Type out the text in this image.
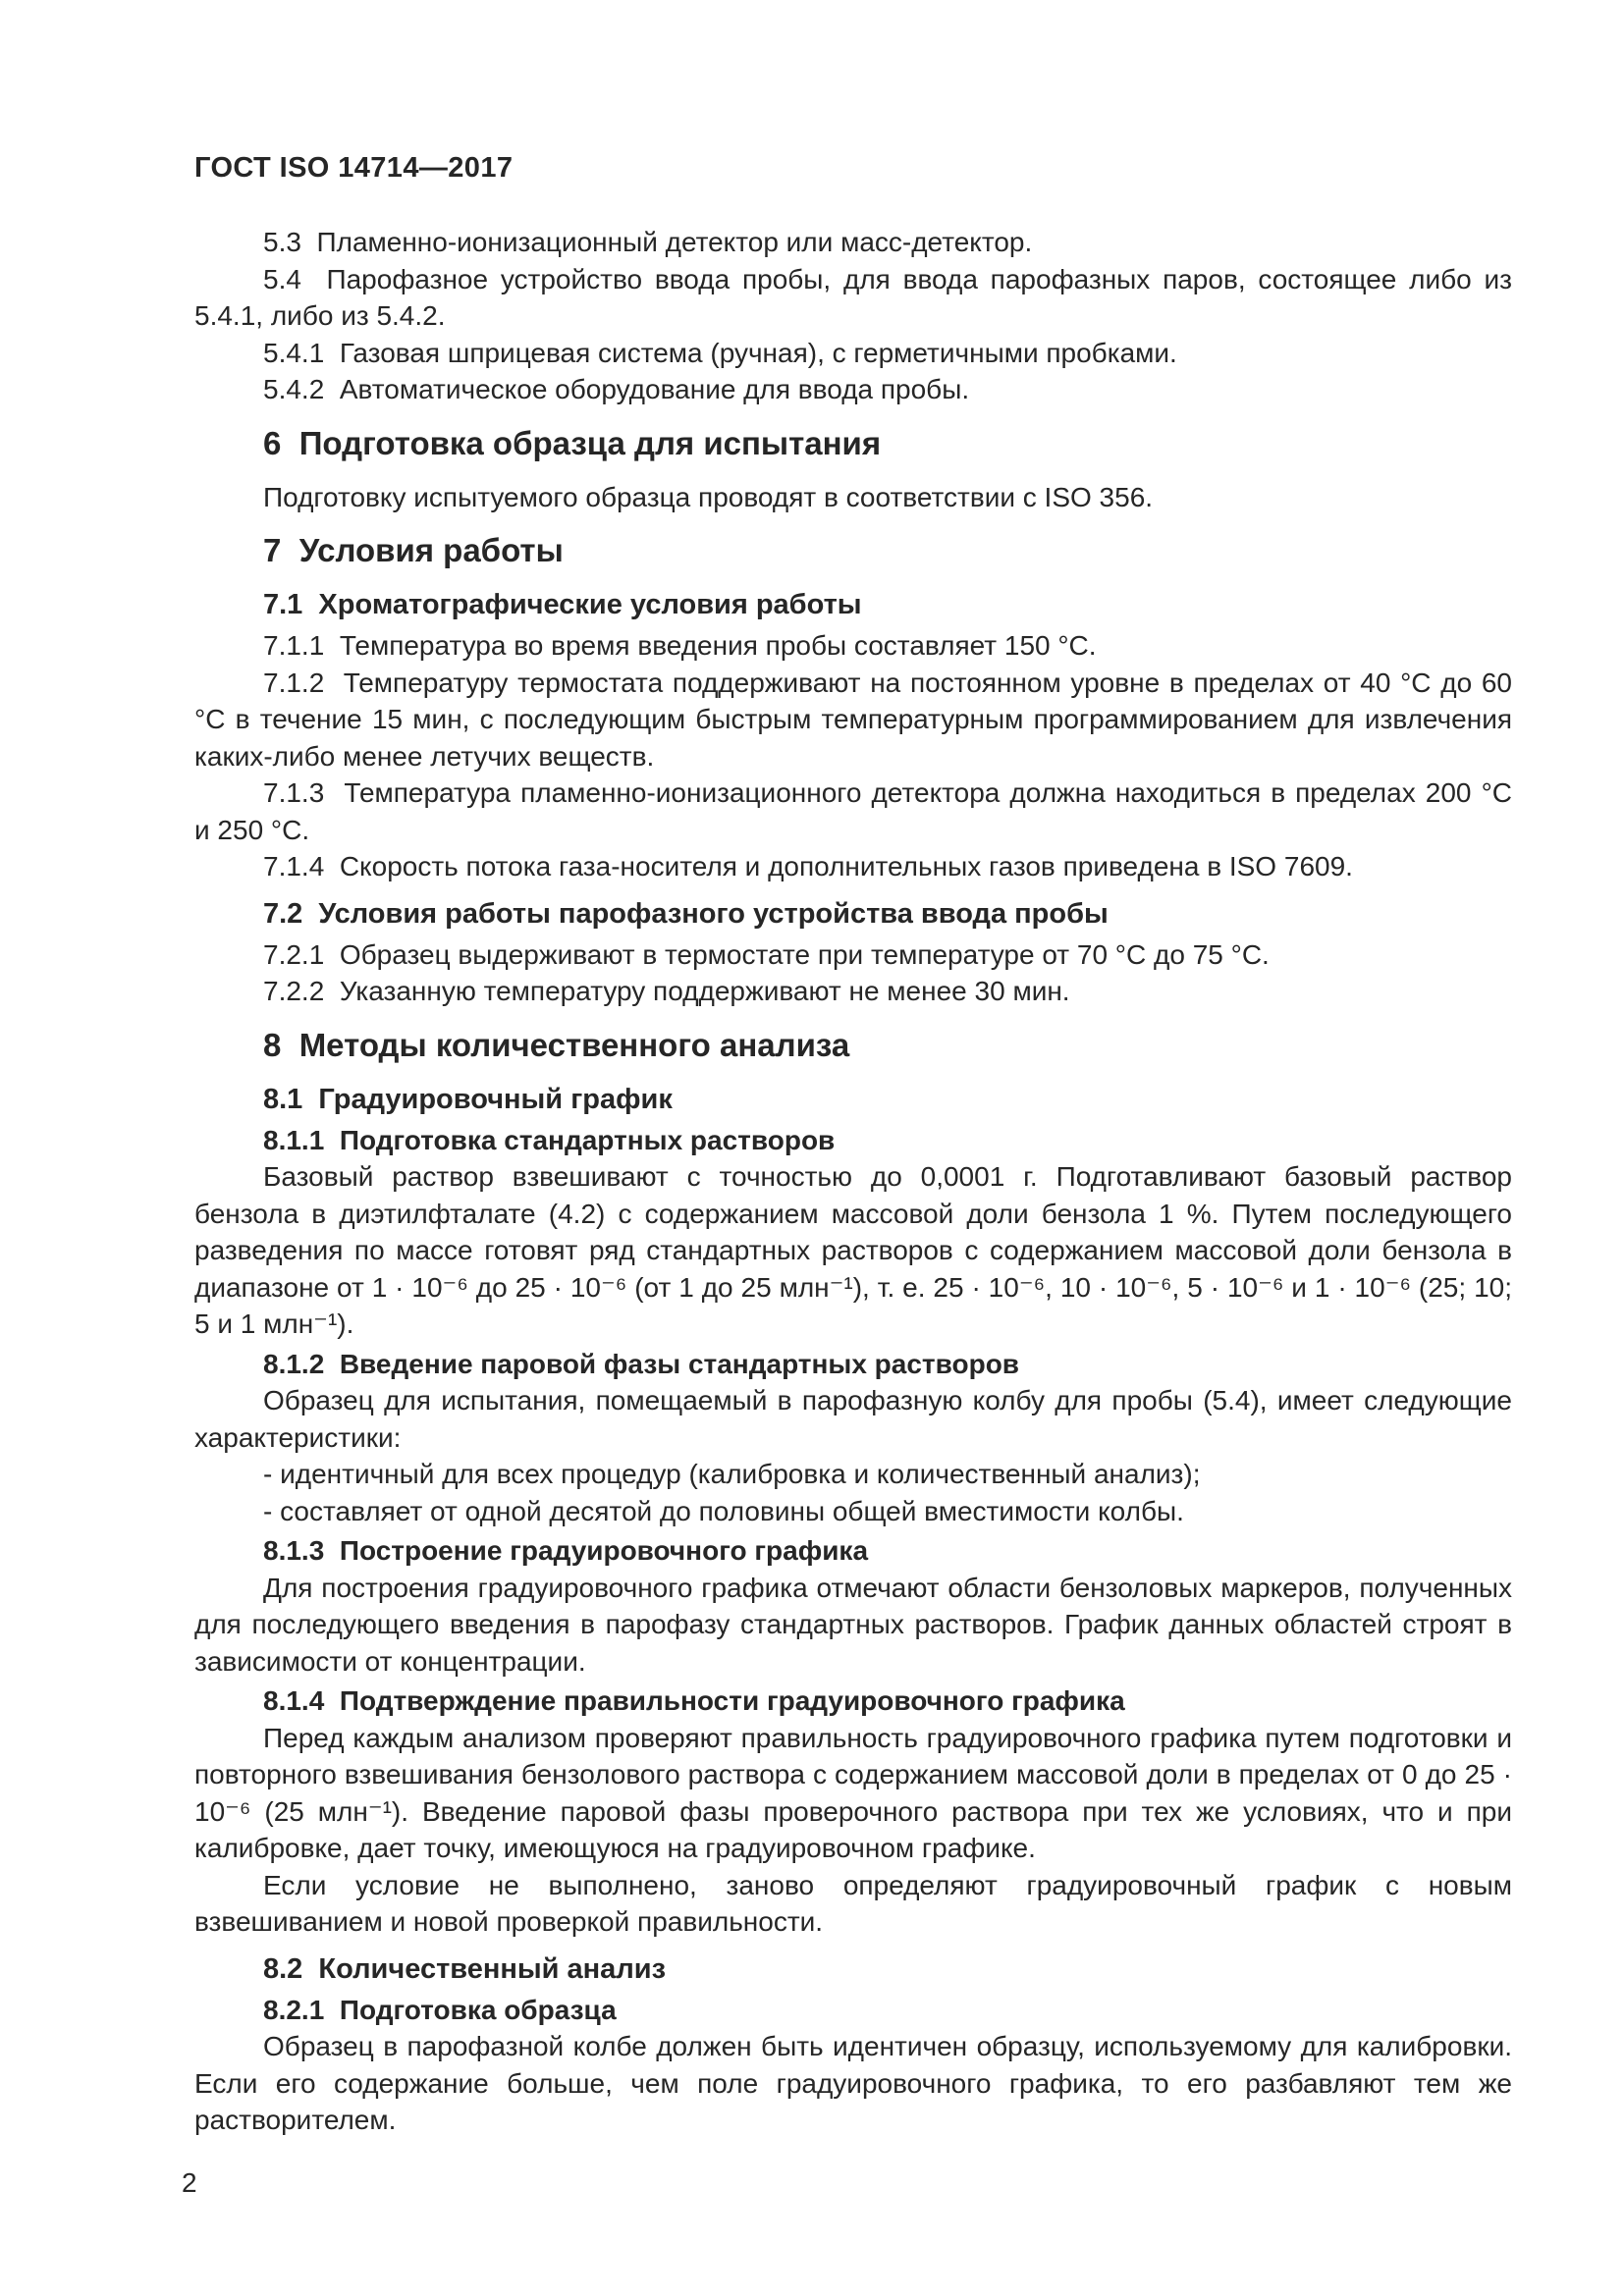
ГОСТ ISO 14714—2017
5.3  Пламенно-ионизационный детектор или масс-детектор.
5.4  Парофазное устройство ввода пробы, для ввода парофазных паров, состоящее либо из 5.4.1, либо из 5.4.2.
5.4.1  Газовая шприцевая система (ручная), с герметичными пробками.
5.4.2  Автоматическое оборудование для ввода пробы.
6  Подготовка образца для испытания
Подготовку испытуемого образца проводят в соответствии с ISO 356.
7  Условия работы
7.1  Хроматографические условия работы
7.1.1  Температура во время введения пробы составляет 150 °С.
7.1.2  Температуру термостата поддерживают на постоянном уровне в пределах от 40 °С до 60 °С в течение 15 мин, с последующим быстрым температурным программированием для извлечения каких-либо менее летучих веществ.
7.1.3  Температура пламенно-ионизационного детектора должна находиться в пределах 200 °С и 250 °С.
7.1.4  Скорость потока газа-носителя и дополнительных газов приведена в ISO 7609.
7.2  Условия работы парофазного устройства ввода пробы
7.2.1  Образец выдерживают в термостате при температуре от 70 °С до 75 °С.
7.2.2  Указанную температуру поддерживают не менее 30 мин.
8  Методы количественного анализа
8.1  Градуировочный график
8.1.1  Подготовка стандартных растворов
Базовый раствор взвешивают с точностью до 0,0001 г. Подготавливают базовый раствор бензола в диэтилфталате (4.2) с содержанием массовой доли бензола 1 %. Путем последующего разведения по массе готовят ряд стандартных растворов с содержанием массовой доли бензола в диапазоне от 1 · 10⁻⁶ до 25 · 10⁻⁶ (от 1 до 25 млн⁻¹), т. е. 25 · 10⁻⁶, 10 · 10⁻⁶, 5 · 10⁻⁶ и 1 · 10⁻⁶ (25; 10; 5 и 1 млн⁻¹).
8.1.2  Введение паровой фазы стандартных растворов
Образец для испытания, помещаемый в парофазную колбу для пробы (5.4), имеет следующие характеристики:
- идентичный для всех процедур (калибровка и количественный анализ);
- составляет от одной десятой до половины общей вместимости колбы.
8.1.3  Построение градуировочного графика
Для построения градуировочного графика отмечают области бензоловых маркеров, полученных для последующего введения в парофазу стандартных растворов. График данных областей строят в зависимости от концентрации.
8.1.4  Подтверждение правильности градуировочного графика
Перед каждым анализом проверяют правильность градуировочного графика путем подготовки и повторного взвешивания бензолового раствора с содержанием массовой доли в пределах от 0 до 25 · 10⁻⁶ (25 млн⁻¹). Введение паровой фазы проверочного раствора при тех же условиях, что и при калибровке, дает точку, имеющуюся на градуировочном графике.
Если условие не выполнено, заново определяют градуировочный график с новым взвешиванием и новой проверкой правильности.
8.2  Количественный анализ
8.2.1  Подготовка образца
Образец в парофазной колбе должен быть идентичен образцу, используемому для калибровки. Если его содержание больше, чем поле градуировочного графика, то его разбавляют тем же растворителем.
2
